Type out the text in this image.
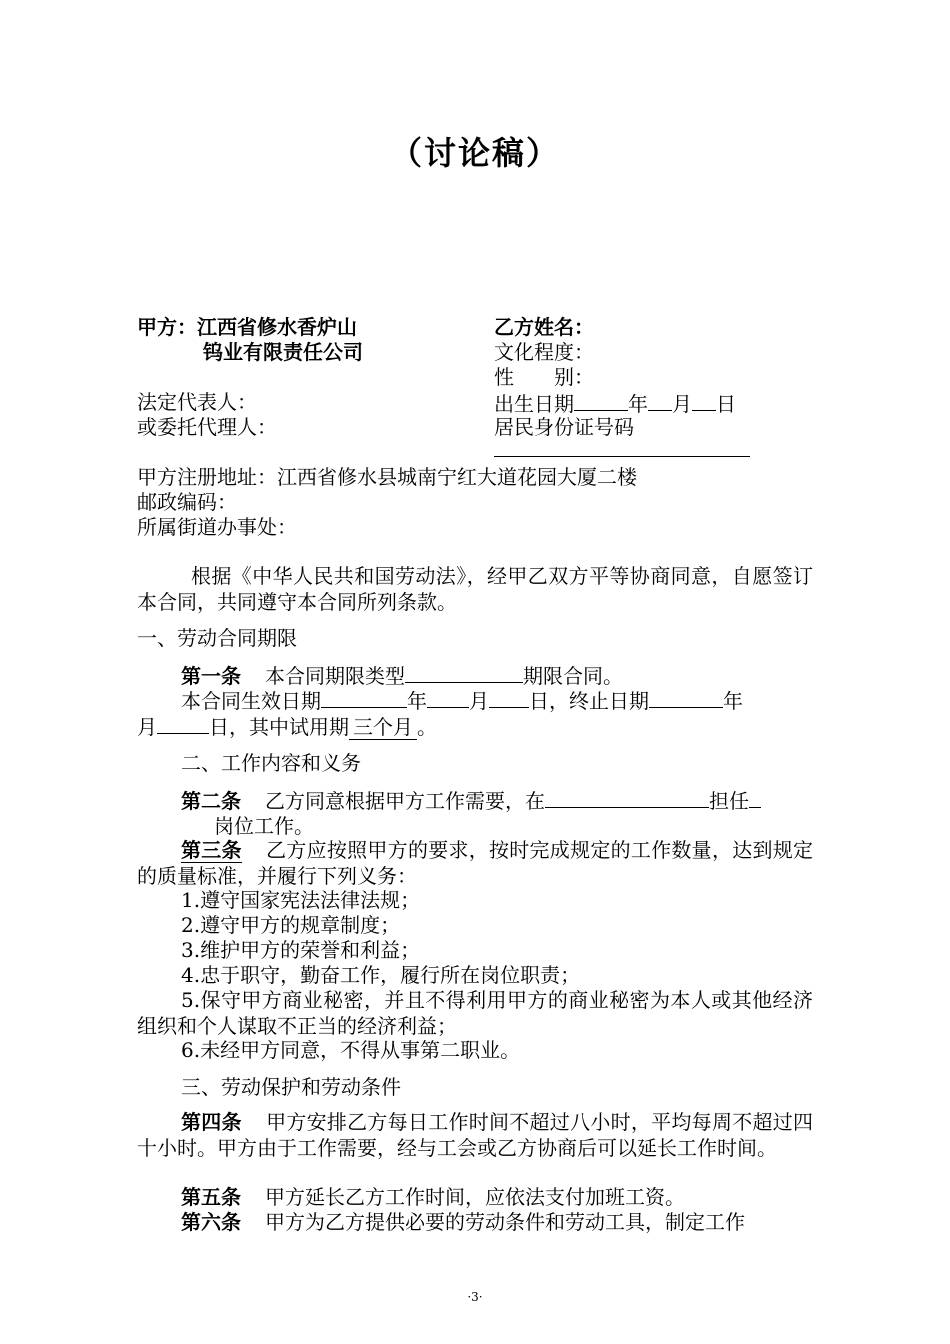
（讨论稿）
甲方：江西省修水香炉山
钨业有限责任公司
法定代表人：
或委托代理人：
乙方姓名：
文化程度：
性　　别：
出生日期	年 月 日
居民身份证号码
甲方注册地址：江西省修水县城南宁红大道花园大厦二楼
邮政编码：
所属街道办事处：
根据《中华人民共和国劳动法》，经甲乙双方平等协商同意，自愿签订本合同，共同遵守本合同所列条款。
一、劳动合同期限
第一条 本合同期限类型	期限合同。
本合同生效日期	年 月 日，终止日期	年
月	日，其中试用期 三个月 。
二、工作内容和义务
第二条 乙方同意根据甲方工作需要，在	担任
岗位工作。
第三条 乙方应按照甲方的要求，按时完成规定的工作数量，达到规定的质量标准，并履行下列义务：
1.遵守国家宪法法律法规；
2.遵守甲方的规章制度；
3.维护甲方的荣誉和利益；
4.忠于职守，勤奋工作，履行所在岗位职责；
5.保守甲方商业秘密，并且不得利用甲方的商业秘密为本人或其他经济组织和个人谋取不正当的经济利益；
6.未经甲方同意，不得从事第二职业。
三、劳动保护和劳动条件
第四条 甲方安排乙方每日工作时间不超过八小时，平均每周不超过四十小时。甲方由于工作需要，经与工会或乙方协商后可以延长工作时间。
第五条 甲方延长乙方工作时间，应依法支付加班工资。
第六条 甲方为乙方提供必要的劳动条件和劳动工具，制定工作
·3·
